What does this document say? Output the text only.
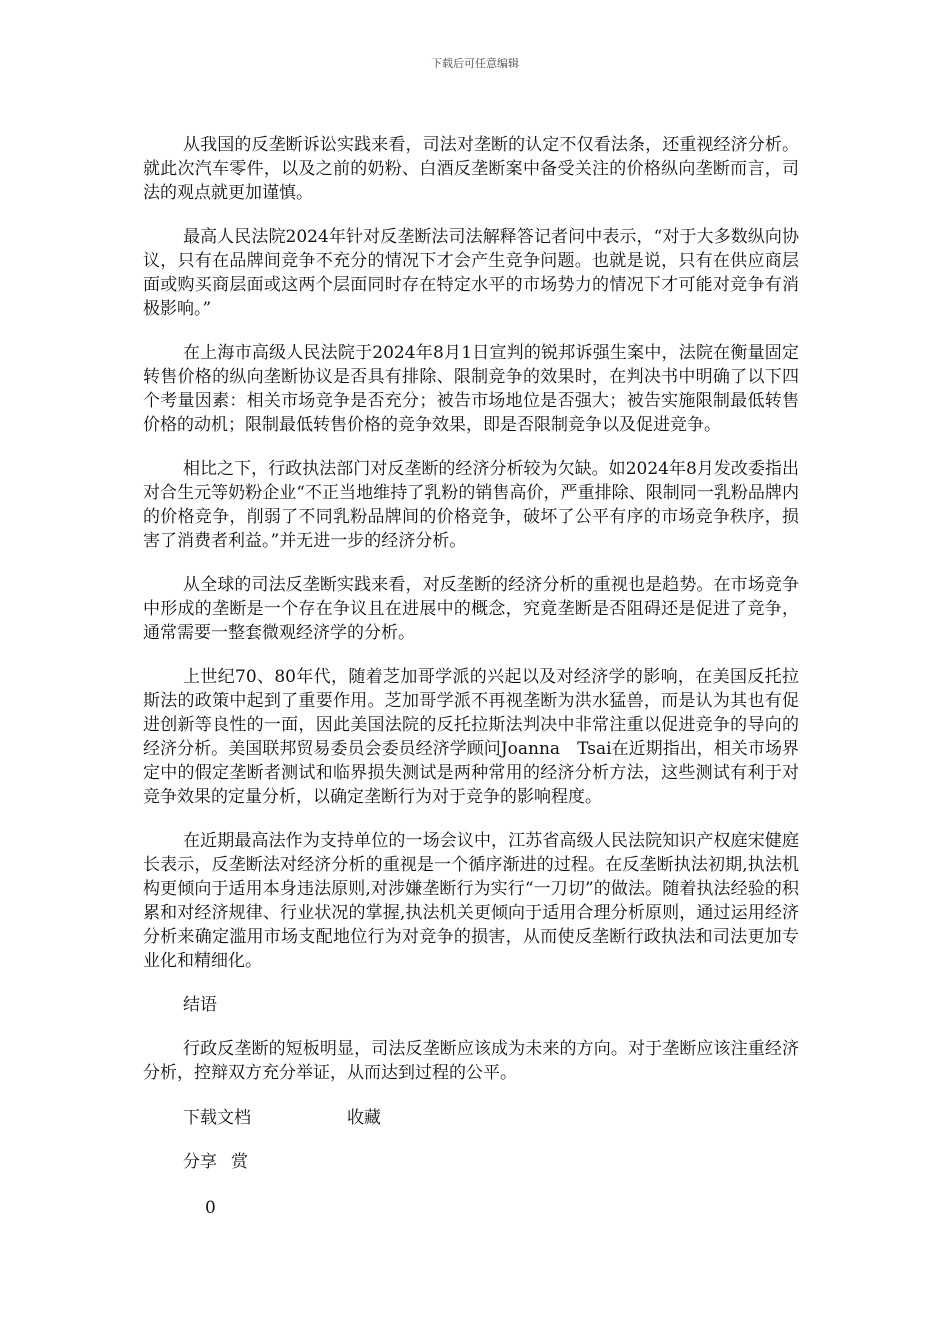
下载后可任意编辑

从我国的反垄断诉讼实践来看，司法对垄断的认定不仅看法条，还重视经济分析。就此次汽车零件，以及之前的奶粉、白酒反垄断案中备受关注的价格纵向垄断而言，司法的观点就更加谨慎。

最高人民法院2024年针对反垄断法司法解释答记者问中表示，“对于大多数纵向协议，只有在品牌间竞争不充分的情况下才会产生竞争问题。也就是说，只有在供应商层面或购买商层面或这两个层面同时存在特定水平的市场势力的情况下才可能对竞争有消极影响。”

在上海市高级人民法院于2024年8月1日宣判的锐邦诉强生案中，法院在衡量固定转售价格的纵向垄断协议是否具有排除、限制竞争的效果时，在判决书中明确了以下四个考量因素：相关市场竞争是否充分；被告市场地位是否强大；被告实施限制最低转售价格的动机；限制最低转售价格的竞争效果，即是否限制竞争以及促进竞争。

相比之下，行政执法部门对反垄断的经济分析较为欠缺。如2024年8月发改委指出对合生元等奶粉企业“不正当地维持了乳粉的销售高价，严重排除、限制同一乳粉品牌内的价格竞争，削弱了不同乳粉品牌间的价格竞争，破坏了公平有序的市场竞争秩序，损害了消费者利益。”并无进一步的经济分析。

从全球的司法反垄断实践来看，对反垄断的经济分析的重视也是趋势。在市场竞争中形成的垄断是一个存在争议且在进展中的概念，究竟垄断是否阻碍还是促进了竞争，通常需要一整套微观经济学的分析。

上世纪70、80年代，随着芝加哥学派的兴起以及对经济学的影响，在美国反托拉斯法的政策中起到了重要作用。芝加哥学派不再视垄断为洪水猛兽，而是认为其也有促进创新等良性的一面，因此美国法院的反托拉斯法判决中非常注重以促进竞争的导向的经济分析。美国联邦贸易委员会委员经济学顾问Joanna　Tsai在近期指出，相关市场界定中的假定垄断者测试和临界损失测试是两种常用的经济分析方法，这些测试有利于对竞争效果的定量分析，以确定垄断行为对于竞争的影响程度。

在近期最高法作为支持单位的一场会议中，江苏省高级人民法院知识产权庭宋健庭长表示，反垄断法对经济分析的重视是一个循序渐进的过程。在反垄断执法初期,执法机构更倾向于适用本身违法原则,对涉嫌垄断行为实行“一刀切”的做法。随着执法经验的积累和对经济规律、行业状况的掌握,执法机关更倾向于适用合理分析原则，通过运用经济分析来确定滥用市场支配地位行为对竞争的损害，从而使反垄断行政执法和司法更加专业化和精细化。

结语

行政反垄断的短板明显，司法反垄断应该成为未来的方向。对于垄断应该注重经济分析，控辩双方充分举证，从而达到过程的公平。

下载文档	收藏
分享 赏
0
